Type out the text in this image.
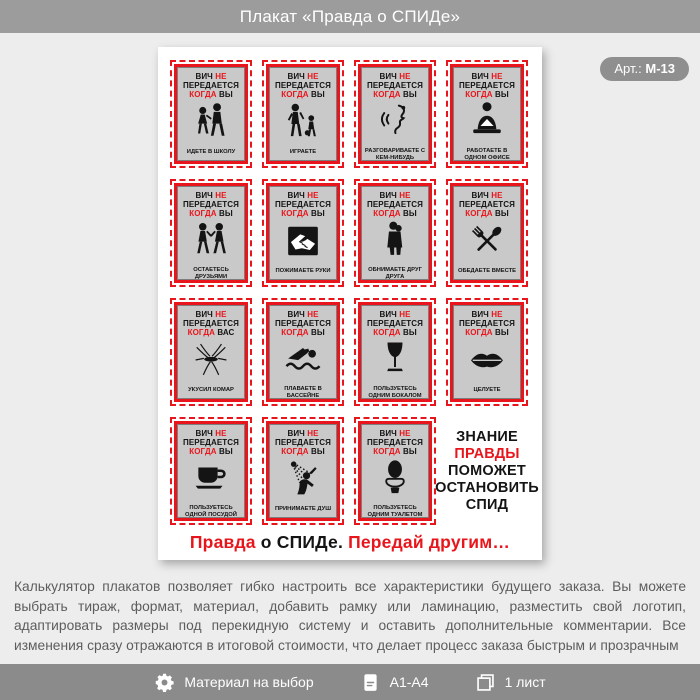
Плакат «Правда о СПИДе»
Арт.: М-13
ВИЧ НЕ
ПЕРЕДАЕТСЯ
КОГДА ВЫ
ИДЕТЕ В ШКОЛУ
ВИЧ НЕ
ПЕРЕДАЕТСЯ
КОГДА ВЫ
ИГРАЕТЕ
ВИЧ НЕ
ПЕРЕДАЕТСЯ
КОГДА ВЫ
РАЗГОВАРИВАЕТЕ С КЕМ-НИБУДЬ
ВИЧ НЕ
ПЕРЕДАЕТСЯ
КОГДА ВЫ
РАБОТАЕТЕ В ОДНОМ ОФИСЕ
ВИЧ НЕ
ПЕРЕДАЕТСЯ
КОГДА ВЫ
ОСТАЕТЕСЬ ДРУЗЬЯМИ
ВИЧ НЕ
ПЕРЕДАЕТСЯ
КОГДА ВЫ
ПОЖИМАЕТЕ РУКИ
ВИЧ НЕ
ПЕРЕДАЕТСЯ
КОГДА ВЫ
ОБНИМАЕТЕ ДРУГ ДРУГА
ВИЧ НЕ
ПЕРЕДАЕТСЯ
КОГДА ВЫ
ОБЕДАЕТЕ ВМЕСТЕ
ВИЧ НЕ
ПЕРЕДАЕТСЯ
КОГДА ВАС
УКУСИЛ КОМАР
ВИЧ НЕ
ПЕРЕДАЕТСЯ
КОГДА ВЫ
ПЛАВАЕТЕ В БАССЕЙНЕ
ВИЧ НЕ
ПЕРЕДАЕТСЯ
КОГДА ВЫ
ПОЛЬЗУЕТЕСЬ ОДНИМ БОКАЛОМ
ВИЧ НЕ
ПЕРЕДАЕТСЯ
КОГДА ВЫ
ЦЕЛУЕТЕ
ВИЧ НЕ
ПЕРЕДАЕТСЯ
КОГДА ВЫ
ПОЛЬЗУЕТЕСЬ ОДНОЙ ПОСУДОЙ
ВИЧ НЕ
ПЕРЕДАЕТСЯ
КОГДА ВЫ
ПРИНИМАЕТЕ ДУШ
ВИЧ НЕ
ПЕРЕДАЕТСЯ
КОГДА ВЫ
ПОЛЬЗУЕТЕСЬ ОДНИМ ТУАЛЕТОМ
ЗНАНИЕ
ПРАВДЫ
ПОМОЖЕТ
ОСТАНОВИТЬ
СПИД
Правда о СПИДе. Передай другим…

Калькулятор плакатов позволяет гибко настроить все характеристики будущего заказа. Вы можете выбрать тираж, формат, материал, добавить рамку или ламинацию, разместить свой логотип, адаптировать размеры под перекидную систему и оставить дополнительные комментарии. Все изменения сразу отражаются в итоговой стоимости, что делает процесс заказа быстрым и прозрачным

Материал на выбор	А1-А4	1 лист
